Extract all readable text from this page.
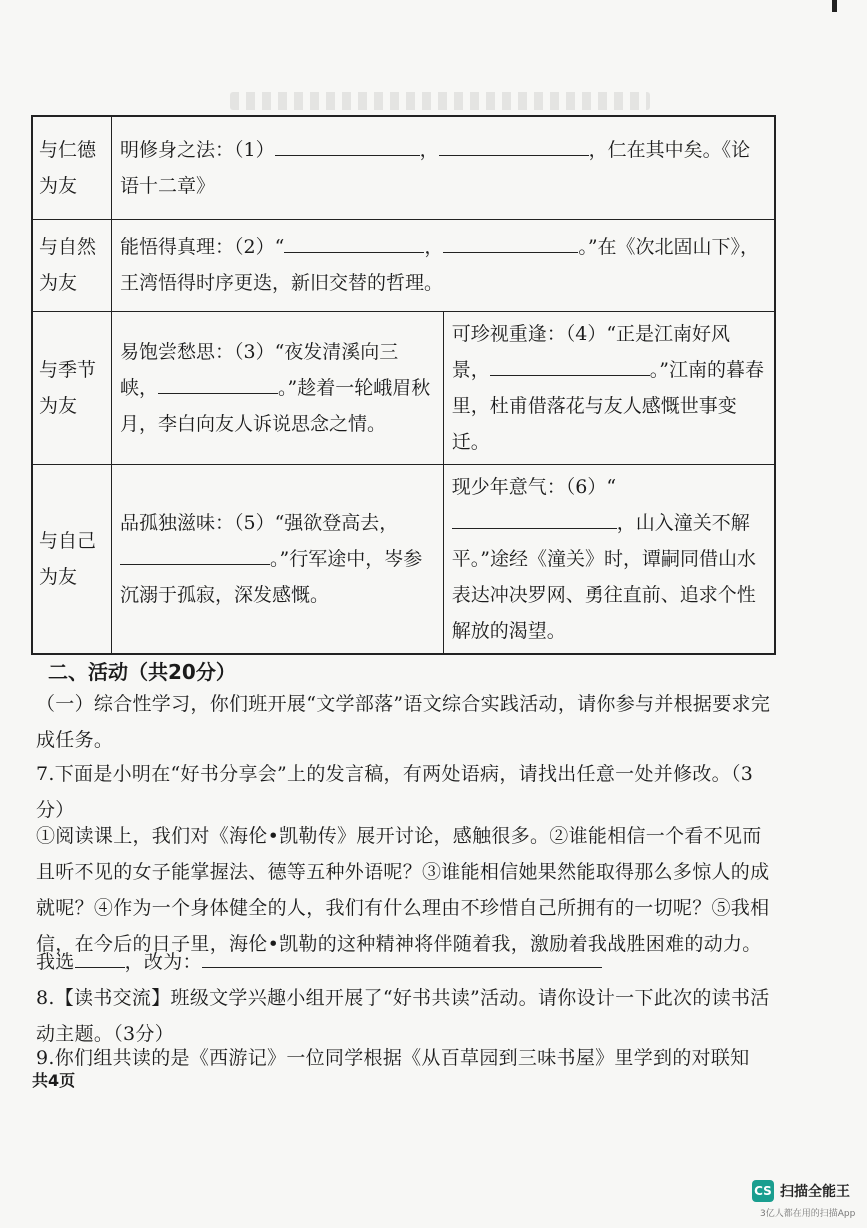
与仁德为友	明修身之法：（1） ， ，仁在其中矣。《论语十二章》	
与自然为友	能悟得真理：（2）“ ， 。”在《次北固山下》，王湾悟得时序更迭，新旧交替的哲理。	
与季节为友	易饱尝愁思：（3）“夜发清溪向三峡， 。”趁着一轮峨眉秋月，李白向友人诉说思念之情。	可珍视重逢：（4）“正是江南好风景， 。”江南的暮春里，杜甫借落花与友人感慨世事变迁。
与自己为友	品孤独滋味：（5）“强欲登高去，。”行军途中，岑参沉溺于孤寂，深发感慨。	现少年意气：（6）“，山入潼关不解平。”途经《潼关》时，谭嗣同借山水表达冲决罗网、勇往直前、追求个性解放的渴望。
二、活动（共20分）
（一）综合性学习，你们班开展“文学部落”语文综合实践活动，请你参与并根据要求完成任务。
7.下面是小明在“好书分享会”上的发言稿，有两处语病，请找出任意一处并修改。（3分）
①阅读课上，我们对《海伦•凯勒传》展开讨论，感触很多。②谁能相信一个看不见而且听不见的女子能掌握法、德等五种外语呢？③谁能相信她果然能取得那么多惊人的成就呢？④作为一个身体健全的人，我们有什么理由不珍惜自己所拥有的一切呢？⑤我相信，在今后的日子里，海伦•凯勒的这种精神将伴随着我，激励着我战胜困难的动力。
我选	，改为：
8.【读书交流】班级文学兴趣小组开展了“好书共读”活动。请你设计一下此次的读书活动主题。（3分）
9.你们组共读的是《西游记》一位同学根据《从百草园到三味书屋》里学到的对联知
共4页
CS 扫描全能王
3亿人都在用的扫描App
